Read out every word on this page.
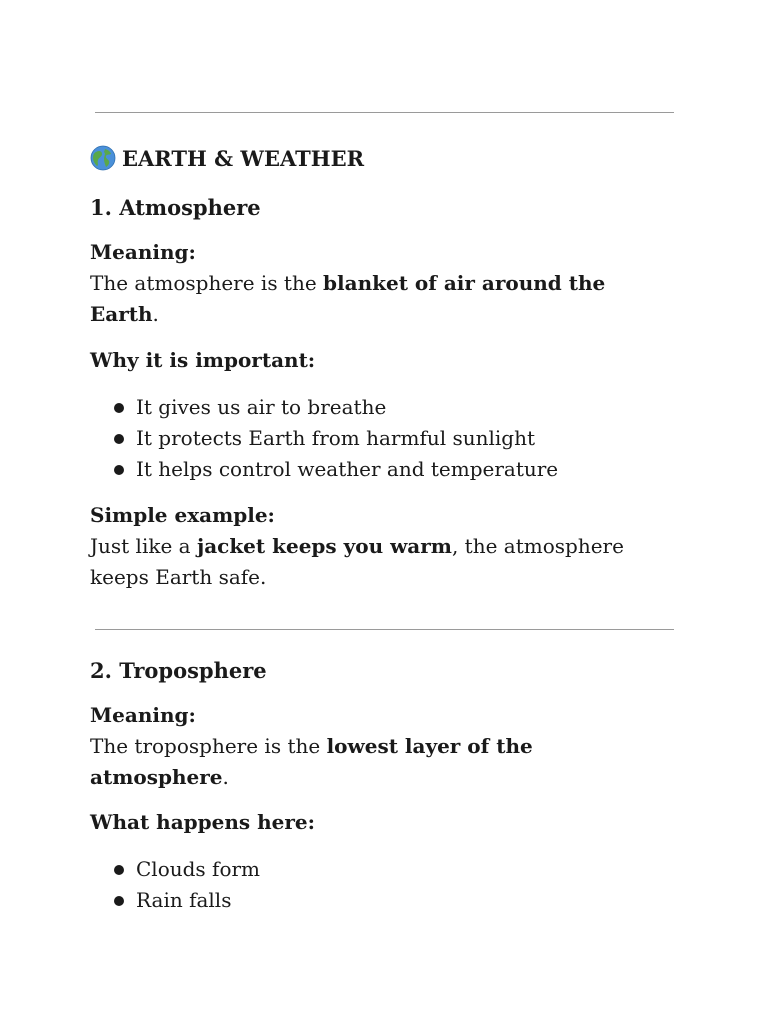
EARTH & WEATHER
1. Atmosphere
Meaning:
The atmosphere is the blanket of air around the Earth.
Why it is important:
It gives us air to breathe
It protects Earth from harmful sunlight
It helps control weather and temperature
Simple example:
Just like a jacket keeps you warm, the atmosphere keeps Earth safe.
2. Troposphere
Meaning:
The troposphere is the lowest layer of the atmosphere.
What happens here:
Clouds form
Rain falls
